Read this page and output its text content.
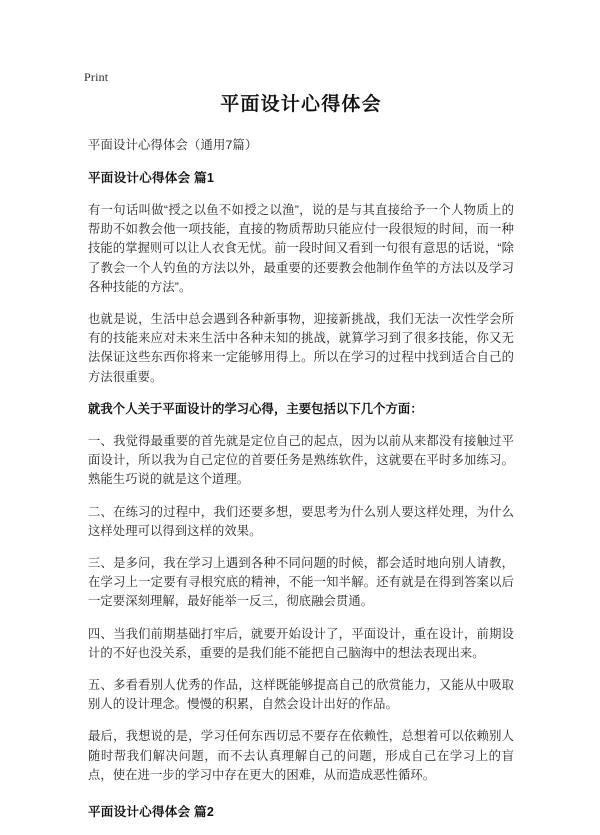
Print
平面设计心得体会
平面设计心得体会（通用7篇）
平面设计心得体会 篇1

有一句话叫做“授之以鱼不如授之以渔”，说的是与其直接给予一个人物质上的帮助不如教会他一项技能，直接的物质帮助只能应付一段很短的时间，而一种技能的掌握则可以让人衣食无忧。前一段时间又看到一句很有意思的话说，“除了教会一个人钓鱼的方法以外，最重要的还要教会他制作鱼竿的方法以及学习各种技能的方法”。

也就是说，生活中总会遇到各种新事物，迎接新挑战，我们无法一次性学会所有的技能来应对未来生活中各种未知的挑战，就算学习到了很多技能，你又无法保证这些东西你将来一定能够用得上。所以在学习的过程中找到适合自己的方法很重要。

就我个人关于平面设计的学习心得，主要包括以下几个方面：

一、我觉得最重要的首先就是定位自己的起点，因为以前从来都没有接触过平面设计，所以我为自己定位的首要任务是熟练软件，这就要在平时多加练习。熟能生巧说的就是这个道理。

二、在练习的过程中，我们还要多想，要思考为什么别人要这样处理，为什么这样处理可以得到这样的效果。

三、是多问，我在学习上遇到各种不同问题的时候，都会适时地向别人请教，在学习上一定要有寻根究底的精神，不能一知半解。还有就是在得到答案以后一定要深刻理解，最好能举一反三，彻底融会贯通。

四、当我们前期基础打牢后，就要开始设计了，平面设计，重在设计，前期设计的不好也没关系，重要的是我们能不能把自己脑海中的想法表现出来。

五、多看看别人优秀的作品，这样既能够提高自己的欣赏能力，又能从中吸取别人的设计理念。慢慢的积累，自然会设计出好的作品。

最后，我想说的是，学习任何东西切忌不要存在依赖性，总想着可以依赖别人随时帮我们解决问题，而不去认真理解自己的问题，形成自己在学习上的盲点，使在进一步的学习中存在更大的困难，从而造成恶性循环。

平面设计心得体会 篇2
